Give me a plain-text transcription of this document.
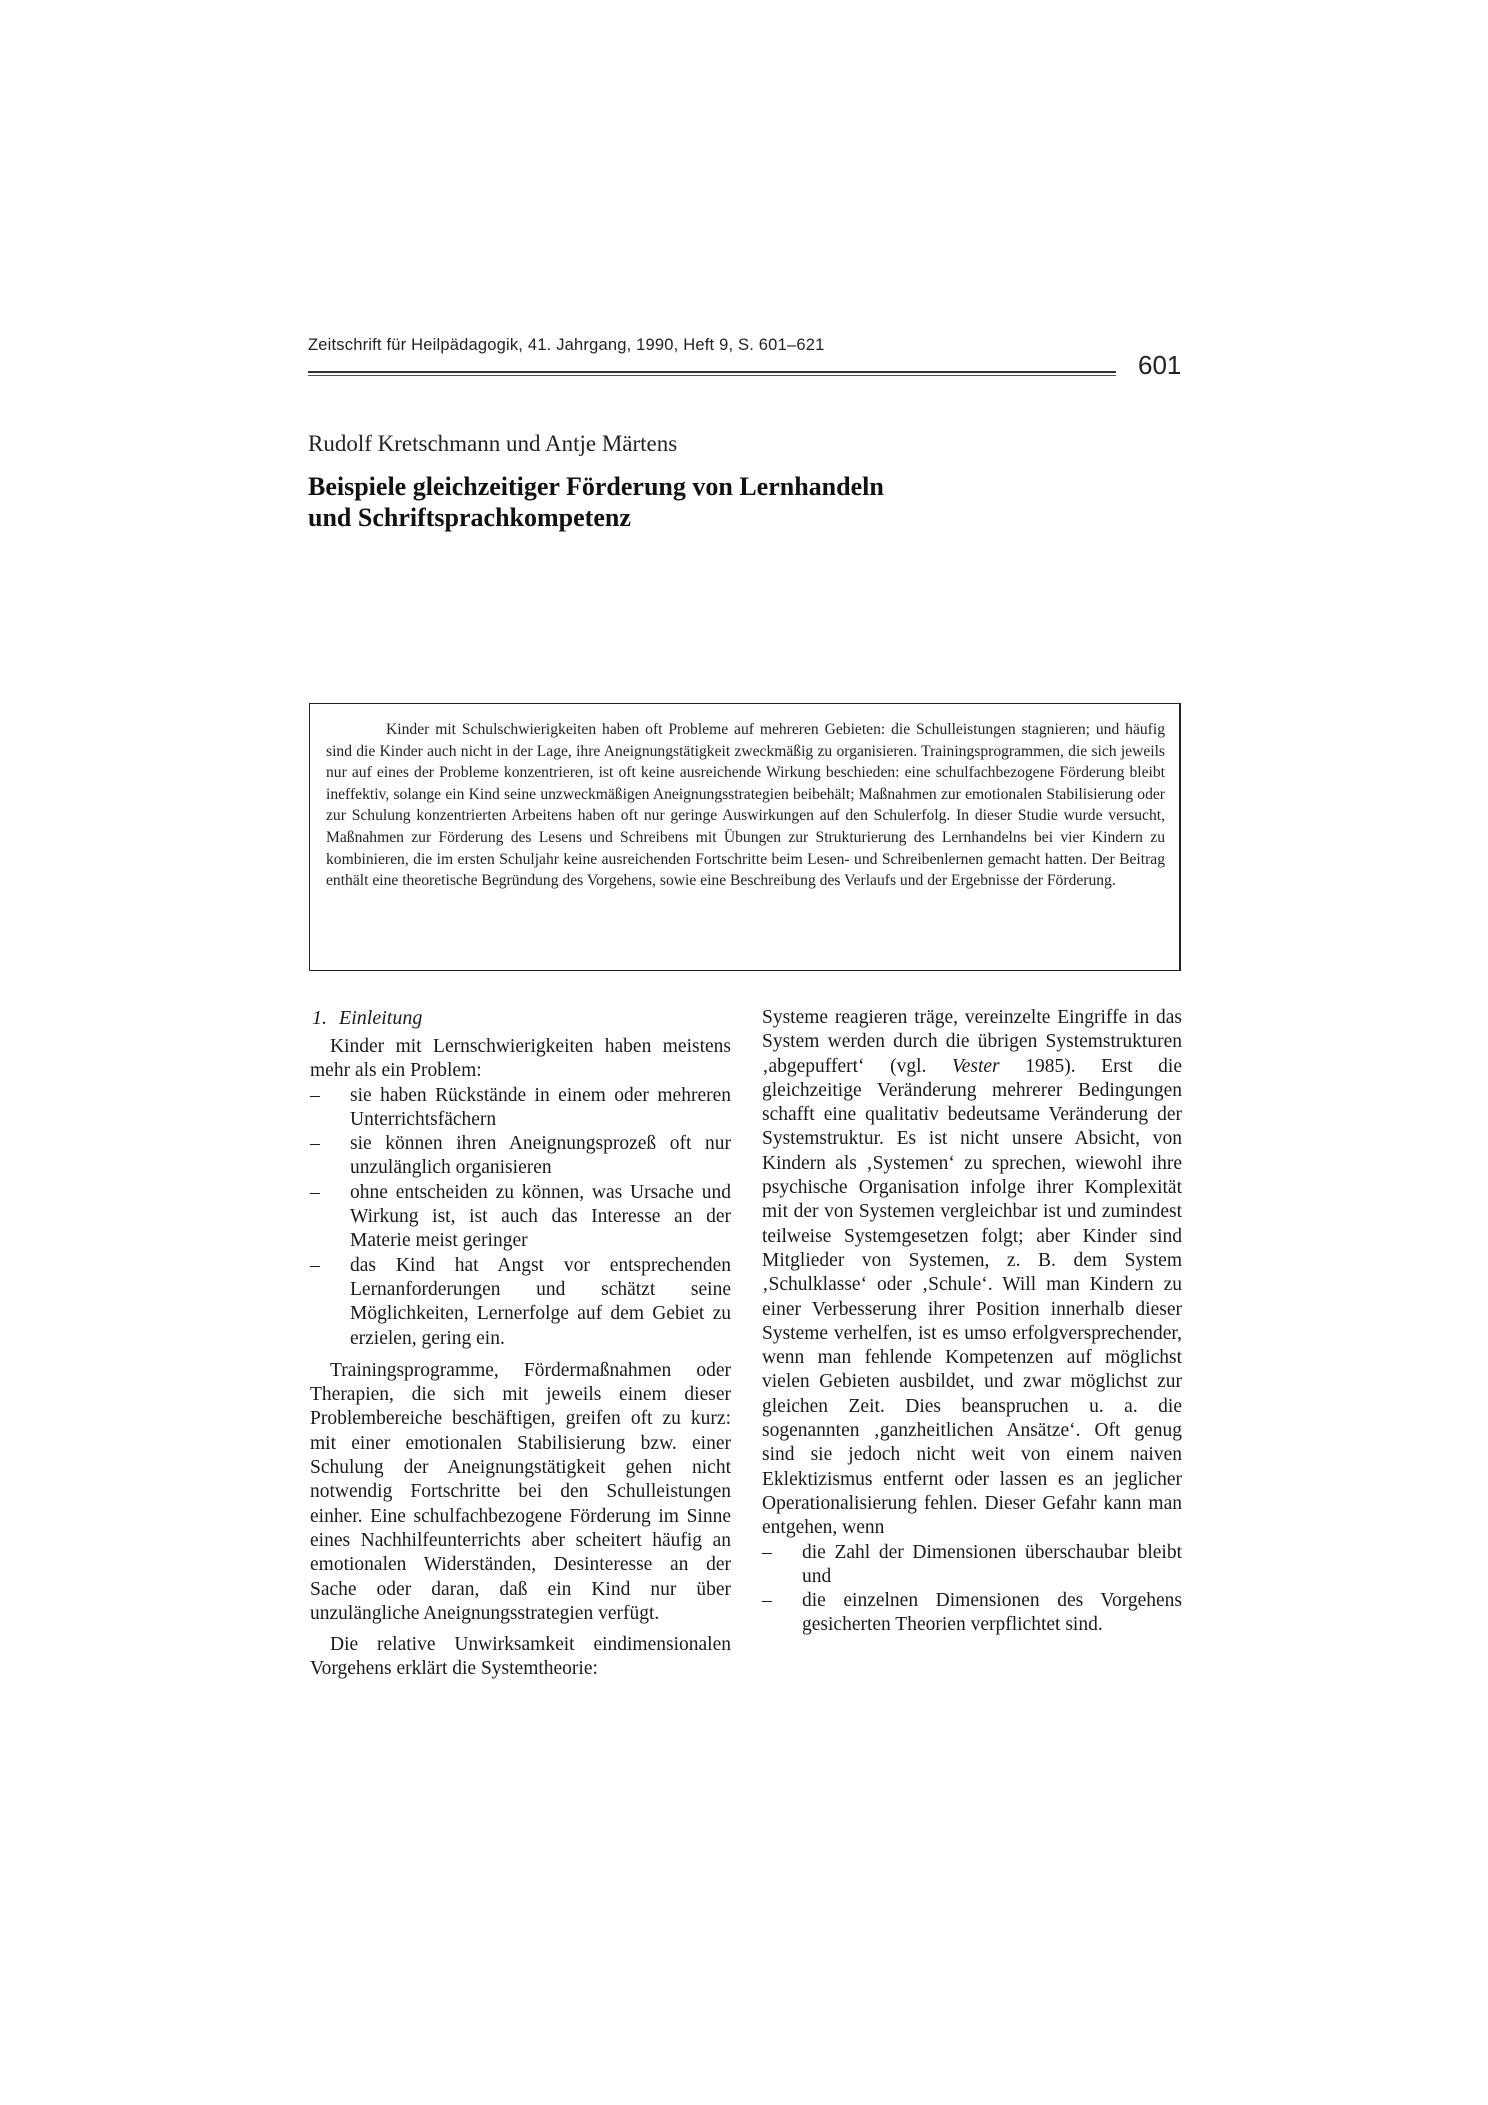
Zeitschrift für Heilpädagogik, 41. Jahrgang, 1990, Heft 9, S. 601–621
601
Rudolf Kretschmann und Antje Märtens
Beispiele gleichzeitiger Förderung von Lernhandeln
und Schriftsprachkompetenz

Kinder mit Schulschwierigkeiten haben oft Probleme auf mehreren Gebieten: die Schulleistungen stagnieren; und häufig sind die Kinder auch nicht in der Lage, ihre Aneignungstätigkeit zweckmäßig zu organisieren. Trainingsprogrammen, die sich jeweils nur auf eines der Probleme konzentrieren, ist oft keine ausreichende Wirkung beschieden: eine schulfachbezogene Förderung bleibt ineffektiv, solange ein Kind seine unzweckmäßigen Aneignungsstrategien beibehält; Maßnahmen zur emotionalen Stabilisierung oder zur Schulung konzentrierten Arbeitens haben oft nur geringe Auswirkungen auf den Schulerfolg. In dieser Studie wurde versucht, Maßnahmen zur Förderung des Lesens und Schreibens mit Übungen zur Strukturierung des Lernhandelns bei vier Kindern zu kombinieren, die im ersten Schuljahr keine ausreichenden Fortschritte beim Lesen- und Schreibenlernen gemacht hatten. Der Beitrag enthält eine theoretische Begründung des Vorgehens, sowie eine Beschreibung des Verlaufs und der Ergebnisse der Förderung.

1. Einleitung

Kinder mit Lernschwierigkeiten haben meistens mehr als ein Problem:

– sie haben Rückstände in einem oder mehreren Unterrichtsfächern
– sie können ihren Aneignungsprozeß oft nur unzulänglich organisieren
– ohne entscheiden zu können, was Ursache und Wirkung ist, ist auch das Interesse an der Materie meist geringer
– das Kind hat Angst vor entsprechenden Lernanforderungen und schätzt seine Möglichkeiten, Lernerfolge auf dem Gebiet zu erzielen, gering ein.

Trainingsprogramme, Fördermaßnahmen oder Therapien, die sich mit jeweils einem dieser Problembereiche beschäftigen, greifen oft zu kurz: mit einer emotionalen Stabilisierung bzw. einer Schulung der Aneignungstätigkeit gehen nicht notwendig Fortschritte bei den Schulleistungen einher. Eine schulfachbezogene Förderung im Sinne eines Nachhilfeunterrichts aber scheitert häufig an emotionalen Widerständen, Desinteresse an der Sache oder daran, daß ein Kind nur über unzulängliche Aneignungsstrategien verfügt.

Die relative Unwirksamkeit eindimensionalen Vorgehens erklärt die Systemtheorie:

Systeme reagieren träge, vereinzelte Eingriffe in das System werden durch die übrigen Systemstrukturen ‚abgepuffert‘ (vgl. Vester 1985). Erst die gleichzeitige Veränderung mehrerer Bedingungen schafft eine qualitativ bedeutsame Veränderung der Systemstruktur. Es ist nicht unsere Absicht, von Kindern als ‚Systemen‘ zu sprechen, wiewohl ihre psychische Organisation infolge ihrer Komplexität mit der von Systemen vergleichbar ist und zumindest teilweise Systemgesetzen folgt; aber Kinder sind Mitglieder von Systemen, z. B. dem System ‚Schulklasse‘ oder ‚Schule‘. Will man Kindern zu einer Verbesserung ihrer Position innerhalb dieser Systeme verhelfen, ist es umso erfolgversprechender, wenn man fehlende Kompetenzen auf möglichst vielen Gebieten ausbildet, und zwar möglichst zur gleichen Zeit. Dies beanspruchen u. a. die sogenannten ‚ganzheitlichen Ansätze‘. Oft genug sind sie jedoch nicht weit von einem naiven Eklektizismus entfernt oder lassen es an jeglicher Operationalisierung fehlen. Dieser Gefahr kann man entgehen, wenn

– die Zahl der Dimensionen überschaubar bleibt und
– die einzelnen Dimensionen des Vorgehens gesicherten Theorien verpflichtet sind.
